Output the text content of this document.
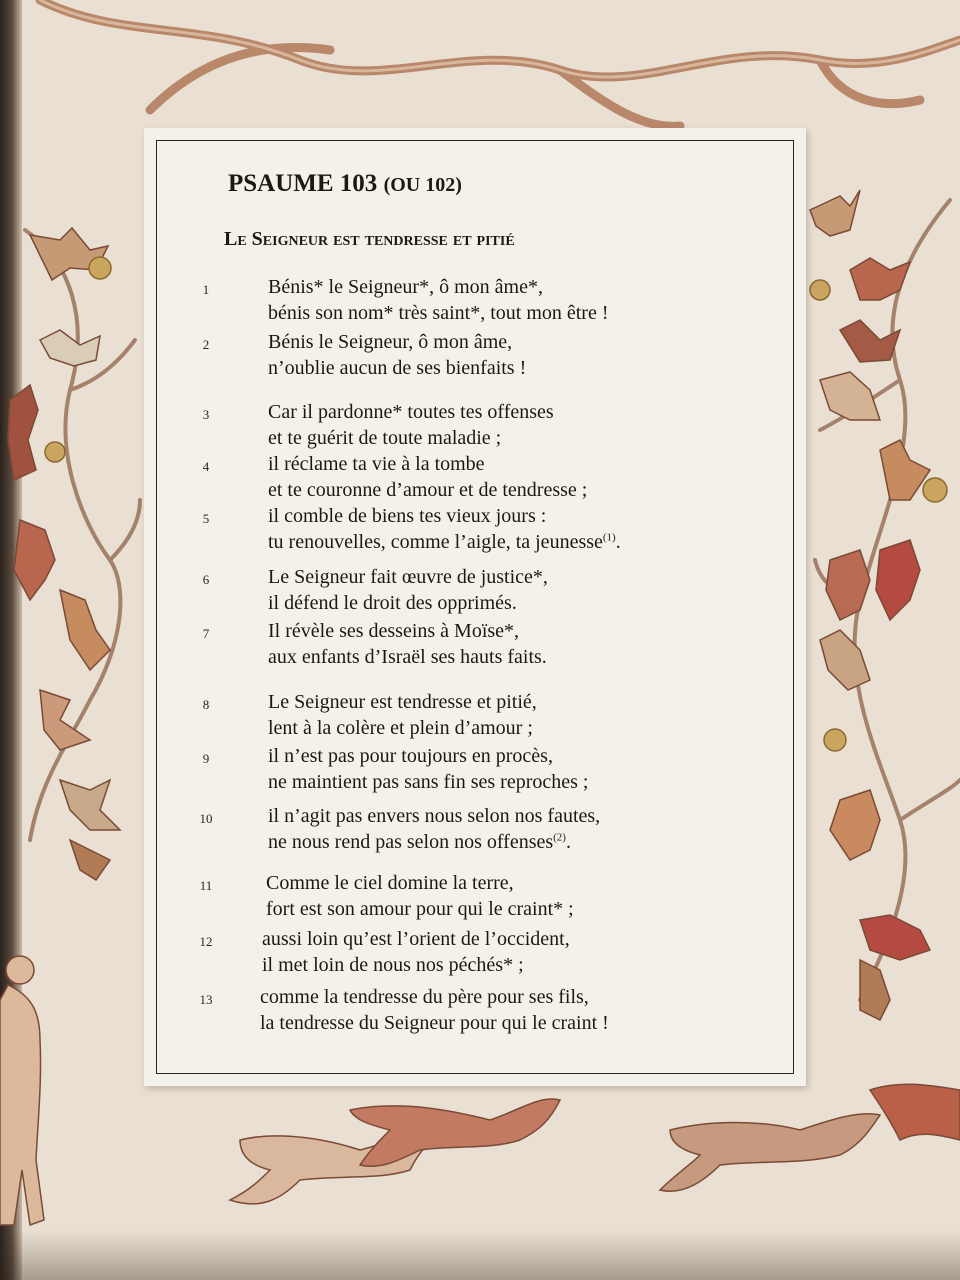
PSAUME 103 (OU 102)
Le Seigneur est tendresse et pitié
1	Bénis* le Seigneur*, ô mon âme*,
bénis son nom* très saint*, tout mon être !
2	Bénis le Seigneur, ô mon âme,
n’oublie aucun de ses bienfaits !
3	Car il pardonne* toutes tes offenses
et te guérit de toute maladie ;
4	il réclame ta vie à la tombe
et te couronne d’amour et de tendresse ;
5	il comble de biens tes vieux jours :
tu renouvelles, comme l’aigle, ta jeunesse$^{(1)}$.
6	Le Seigneur fait œuvre de justice*,
il défend le droit des opprimés.
7	Il révèle ses desseins à Moïse*,
aux enfants d’Israël ses hauts faits.
8	Le Seigneur est tendresse et pitié,
lent à la colère et plein d’amour ;
9	il n’est pas pour toujours en procès,
ne maintient pas sans fin ses reproches ;
10	il n’agit pas envers nous selon nos fautes,
ne nous rend pas selon nos offenses$^{(2)}$.
11	Comme le ciel domine la terre,
fort est son amour pour qui le craint* ;
12	aussi loin qu’est l’orient de l’occident,
il met loin de nous nos péchés* ;
13	comme la tendresse du père pour ses fils,
la tendresse du Seigneur pour qui le craint !
